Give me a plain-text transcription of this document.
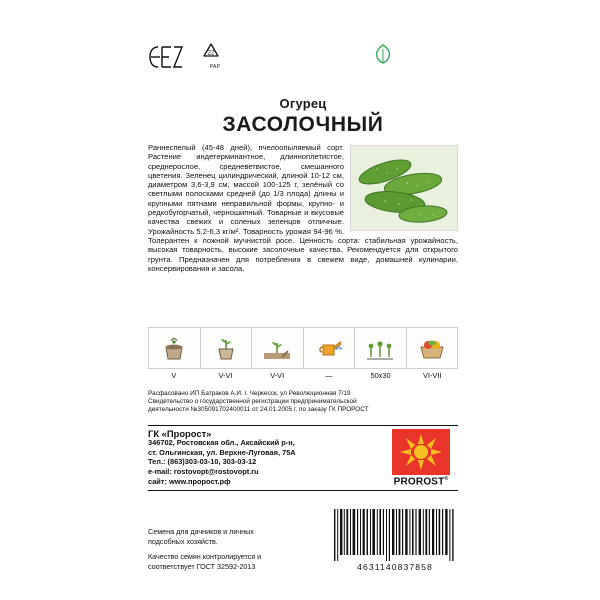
22
PAP
Огурец
ЗАСОЛОЧНЫЙ
Раннеспелый (45-48 дней), пчелоопыляемый сорт. Растение индетерминантное, длинноплетистое, среднерослое, средневетвистое, смешанного цветения. Зеленец цилиндрический, длиной 10-12 см, диаметром 3,6-3,9 см, массой 100-125 г, зелёный со светлыми полосками средней (до 1/3 плода) длины и крупными пятнами неправильной формы, крупно- и редкобугорчатый, черношипный. Товарные и вкусовые качества свежих и соленых зеленцов отличные. Урожайность 5,2-6,3 кг/м². Товарность урожая 94-96 %. Толерантен к ложной мучнистой росе. Ценность сорта: стабильная урожайность, высокая товарность, высокие засолочные качества. Рекомендуется для открытого грунта. Предназначен для потребления в свежем виде, домашней кулинарии, консервирования и засола.
V	V-VI	V-VI	—	50x30	VI-VII
Расфасовано ИП Батраков А.И. г. Черкесск, ул Революционная 7/19
Свидетельство о государственной регистрации предпринимательской
деятельности №305091702400011 от 24.01.2005 г. по заказу ГК ПРОРОСТ
ГК «Пророст»
346702, Ростовская обл., Аксайский р-н,
ст. Ольгинская, ул. Верхне-Луговая, 75А
Тел.: (863)303-03-10, 303-03-12
e-mail: rostovopt@rostovopt.ru
сайт: www.пророст.рф	PROROST®
Семена для дачников и личных
подсобных хозяйств.
Качество семян контролируется и
соответствует ГОСТ 32592-2013	4631140837858
